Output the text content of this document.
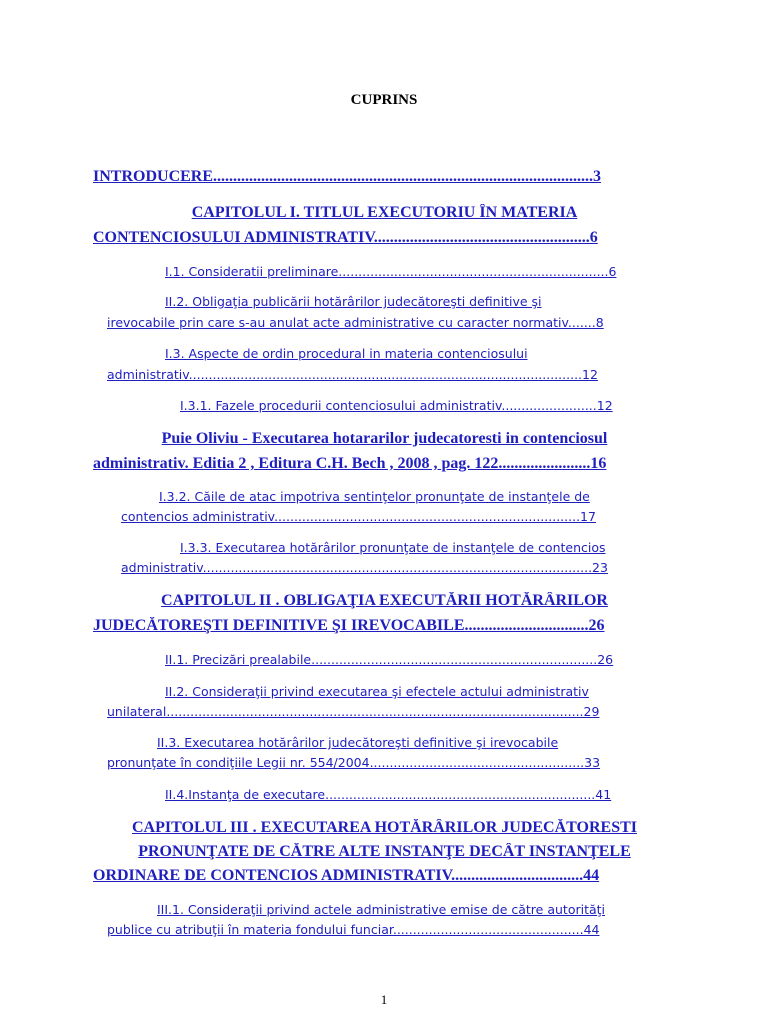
CUPRINS
INTRODUCERE...............................................................................................3
CAPITOLUL I. TITLUL EXECUTORIU ÎN MATERIA
CONTENCIOSULUI ADMINISTRATIV......................................................6
I.1. Consideratii preliminare....................................................................6
II.2. Obligaţia publicării hotărârilor judecătoreşti definitive şi
irevocabile prin care s-au anulat acte administrative cu caracter normativ.......8
I.3. Aspecte de ordin procedural in materia contenciosului
administrativ...................................................................................................12
I.3.1. Fazele procedurii contenciosului administrativ........................12
Puie Oliviu - Executarea hotararilor judecatoresti in contenciosul
administrativ. Editia 2 , Editura C.H. Bech , 2008 , pag. 122.......................16
I.3.2. Căile de atac impotriva sentinţelor pronunţate de instanţele de
contencios administrativ.............................................................................17
I.3.3. Executarea hotărârilor pronunţate de instanţele de contencios
administrativ..................................................................................................23
CAPITOLUL II . OBLIGAŢIA EXECUTĂRII HOTĂRÂRILOR
JUDECĂTOREŞTI DEFINITIVE ŞI IREVOCABILE...............................26
II.1. Precizări prealabile........................................................................26
II.2. Consideraţii privind executarea şi efectele actului administrativ
unilateral.........................................................................................................29
II.3. Executarea hotărârilor judecătoreşti definitive şi irevocabile
pronunţate în condiţiile Legii nr. 554/2004......................................................33
II.4.Instanţa de executare....................................................................41
CAPITOLUL III . EXECUTAREA HOTĂRÂRILOR JUDECĂTORESTI
PRONUNŢATE DE CĂTRE ALTE INSTANŢE DECÂT INSTANŢELE
ORDINARE DE CONTENCIOS ADMINISTRATIV.................................44
III.1. Consideraţii privind actele administrative emise de către autorităţi
publice cu atribuţii în materia fondului funciar................................................44
1
